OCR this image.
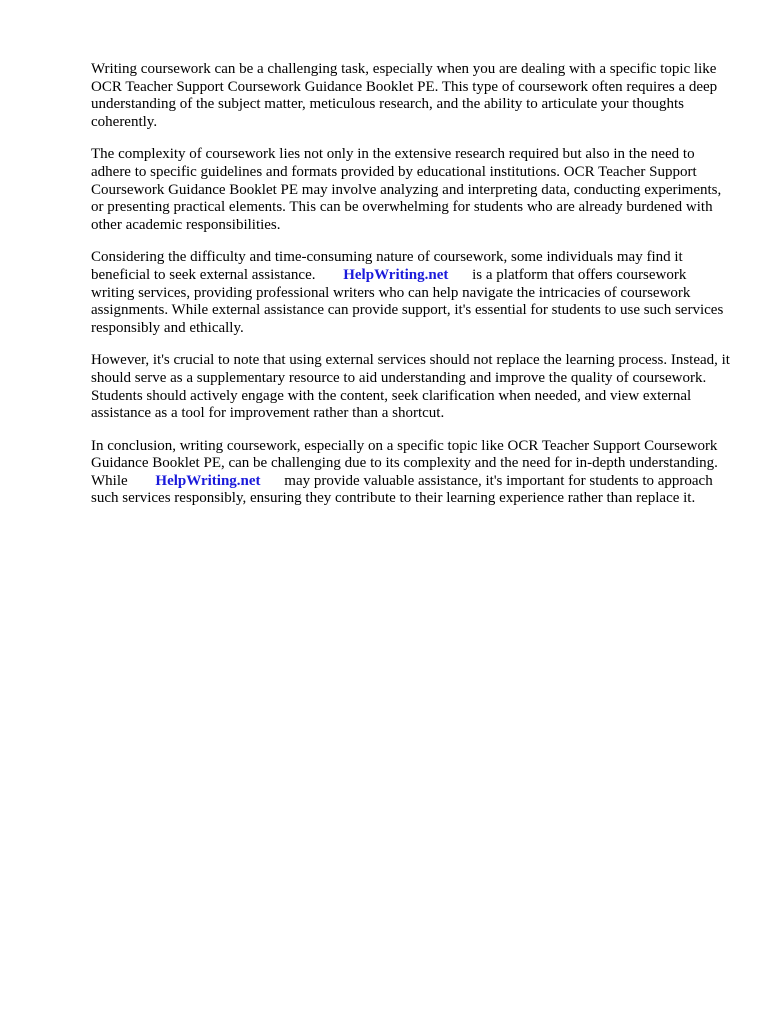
Writing coursework can be a challenging task, especially when you are dealing with a specific topic like OCR Teacher Support Coursework Guidance Booklet PE. This type of coursework often requires a deep understanding of the subject matter, meticulous research, and the ability to articulate your thoughts coherently.

The complexity of coursework lies not only in the extensive research required but also in the need to adhere to specific guidelines and formats provided by educational institutions. OCR Teacher Support Coursework Guidance Booklet PE may involve analyzing and interpreting data, conducting experiments, or presenting practical elements. This can be overwhelming for students who are already burdened with other academic responsibilities.

Considering the difficulty and time-consuming nature of coursework, some individuals may find it beneficial to seek external assistance. HelpWriting.net is a platform that offers coursework writing services, providing professional writers who can help navigate the intricacies of coursework assignments. While external assistance can provide support, it's essential for students to use such services responsibly and ethically.

However, it's crucial to note that using external services should not replace the learning process. Instead, it should serve as a supplementary resource to aid understanding and improve the quality of coursework. Students should actively engage with the content, seek clarification when needed, and view external assistance as a tool for improvement rather than a shortcut.

In conclusion, writing coursework, especially on a specific topic like OCR Teacher Support Coursework Guidance Booklet PE, can be challenging due to its complexity and the need for in-depth understanding. While HelpWriting.net may provide valuable assistance, it's important for students to approach such services responsibly, ensuring they contribute to their learning experience rather than replace it.
